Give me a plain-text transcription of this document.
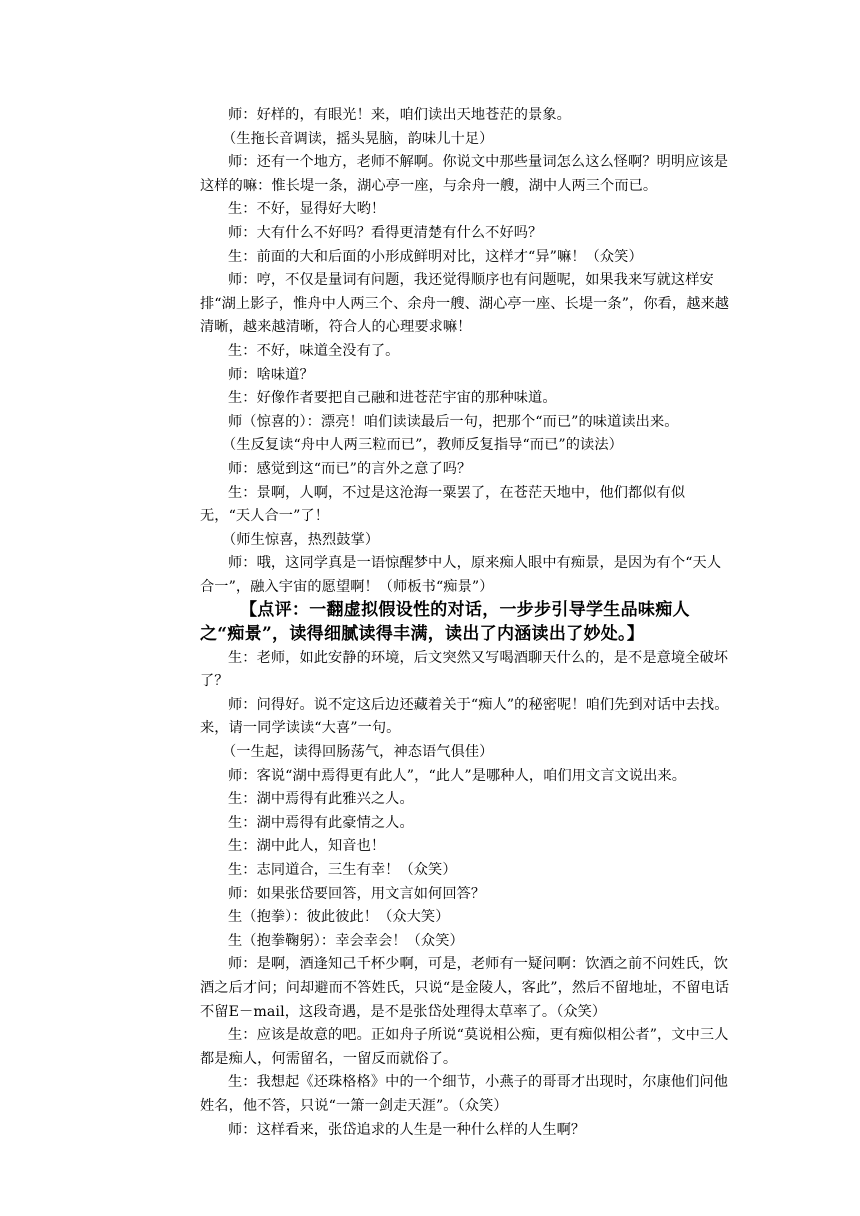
师：好样的，有眼光！来，咱们读出天地苍茫的景象。

（生拖长音调读，摇头晃脑，韵味儿十足）

师：还有一个地方，老师不解啊。你说文中那些量词怎么这么怪啊？明明应该是这样的嘛：惟长堤一条，湖心亭一座，与余舟一艘，湖中人两三个而已。

生：不好，显得好大哟！

师：大有什么不好吗？看得更清楚有什么不好吗？

生：前面的大和后面的小形成鲜明对比，这样才“异”嘛！（众笑）

师：哼，不仅是量词有问题，我还觉得顺序也有问题呢，如果我来写就这样安排“湖上影子，惟舟中人两三个、余舟一艘、湖心亭一座、长堤一条”，你看，越来越清晰，越来越清晰，符合人的心理要求嘛！

生：不好，味道全没有了。

师：啥味道？

生：好像作者要把自己融和进苍茫宇宙的那种味道。

师（惊喜的）：漂亮！咱们读读最后一句，把那个“而已”的味道读出来。

（生反复读“舟中人两三粒而已”，教师反复指导“而已”的读法）

师：感觉到这“而已”的言外之意了吗？

生：景啊，人啊，不过是这沧海一粟罢了，在苍茫天地中，他们都似有似无，“天人合一”了！

（师生惊喜，热烈鼓掌）

师：哦，这同学真是一语惊醒梦中人，原来痴人眼中有痴景，是因为有个“天人合一”，融入宇宙的愿望啊！（师板书“痴景”）

【点评：一翻虚拟假设性的对话，一步步引导学生品味痴人之“痴景”，读得细腻读得丰满，读出了内涵读出了妙处。】

生：老师，如此安静的环境，后文突然又写喝酒聊天什么的，是不是意境全破坏了？

师：问得好。说不定这后边还藏着关于“痴人”的秘密呢！咱们先到对话中去找。来，请一同学读读“大喜”一句。

（一生起，读得回肠荡气，神态语气俱佳）

师：客说“湖中焉得更有此人”，“此人”是哪种人，咱们用文言文说出来。

生：湖中焉得有此雅兴之人。

生：湖中焉得有此豪情之人。

生：湖中此人，知音也！

生：志同道合，三生有幸！（众笑）

师：如果张岱要回答，用文言如何回答？

生（抱拳）：彼此彼此！（众大笑）

生（抱拳鞠躬）：幸会幸会！（众笑）

师：是啊，酒逢知己千杯少啊，可是，老师有一疑问啊：饮酒之前不问姓氏，饮酒之后才问；问却避而不答姓氏，只说“是金陵人，客此”，然后不留地址，不留电话不留E－mail，这段奇遇，是不是张岱处理得太草率了。（众笑）

生：应该是故意的吧。正如舟子所说“莫说相公痴，更有痴似相公者”，文中三人都是痴人，何需留名，一留反而就俗了。

生：我想起《还珠格格》中的一个细节，小燕子的哥哥才出现时，尔康他们问他姓名，他不答，只说“一箫一剑走天涯”。（众笑）

师：这样看来，张岱追求的人生是一种什么样的人生啊？
